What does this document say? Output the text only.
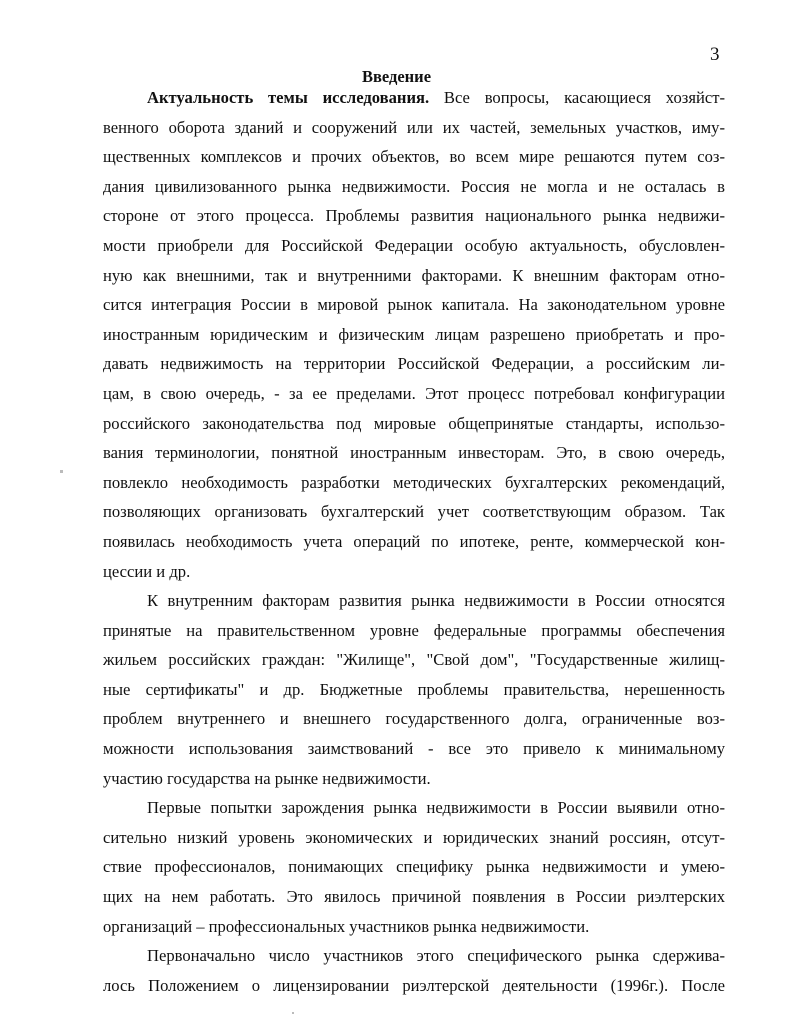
3
Введение
Актуальность темы исследования. Все вопросы, касающиеся хозяйст-
венного оборота зданий и сооружений или их частей, земельных участков, иму-
щественных комплексов и прочих объектов, во всем мире решаются путем соз-
дания цивилизованного рынка недвижимости. Россия не могла и не осталась в
стороне от этого процесса. Проблемы развития национального рынка недвижи-
мости приобрели для Российской Федерации особую актуальность, обусловлен-
ную как внешними, так и внутренними факторами. К внешним факторам отно-
сится интеграция России в мировой рынок капитала. На законодательном уровне
иностранным юридическим и физическим лицам разрешено приобретать и про-
давать недвижимость на территории Российской Федерации, а российским ли-
цам, в свою очередь, - за ее пределами. Этот процесс потребовал конфигурации
российского законодательства под мировые общепринятые стандарты, использо-
вания терминологии, понятной иностранным инвесторам. Это, в свою очередь,
повлекло необходимость разработки методических бухгалтерских рекомендаций,
позволяющих организовать бухгалтерский учет соответствующим образом. Так
появилась необходимость учета операций по ипотеке, ренте, коммерческой кон-
цессии и др.
К внутренним факторам развития рынка недвижимости в России относятся
принятые на правительственном уровне федеральные программы обеспечения
жильем российских граждан: "Жилище", "Свой дом", "Государственные жилищ-
ные сертификаты" и др. Бюджетные проблемы правительства, нерешенность
проблем внутреннего и внешнего государственного долга, ограниченные воз-
можности использования заимствований - все это привело к минимальному
участию государства на рынке недвижимости.
Первые попытки зарождения рынка недвижимости в России выявили отно-
сительно низкий уровень экономических и юридических знаний россиян, отсут-
ствие профессионалов, понимающих специфику рынка недвижимости и умею-
щих на нем работать. Это явилось причиной появления в России риэлтерских
организаций – профессиональных участников рынка недвижимости.
Первоначально число участников этого специфического рынка сдержива-
лось Положением о лицензировании риэлтерской деятельности (1996г.). После
